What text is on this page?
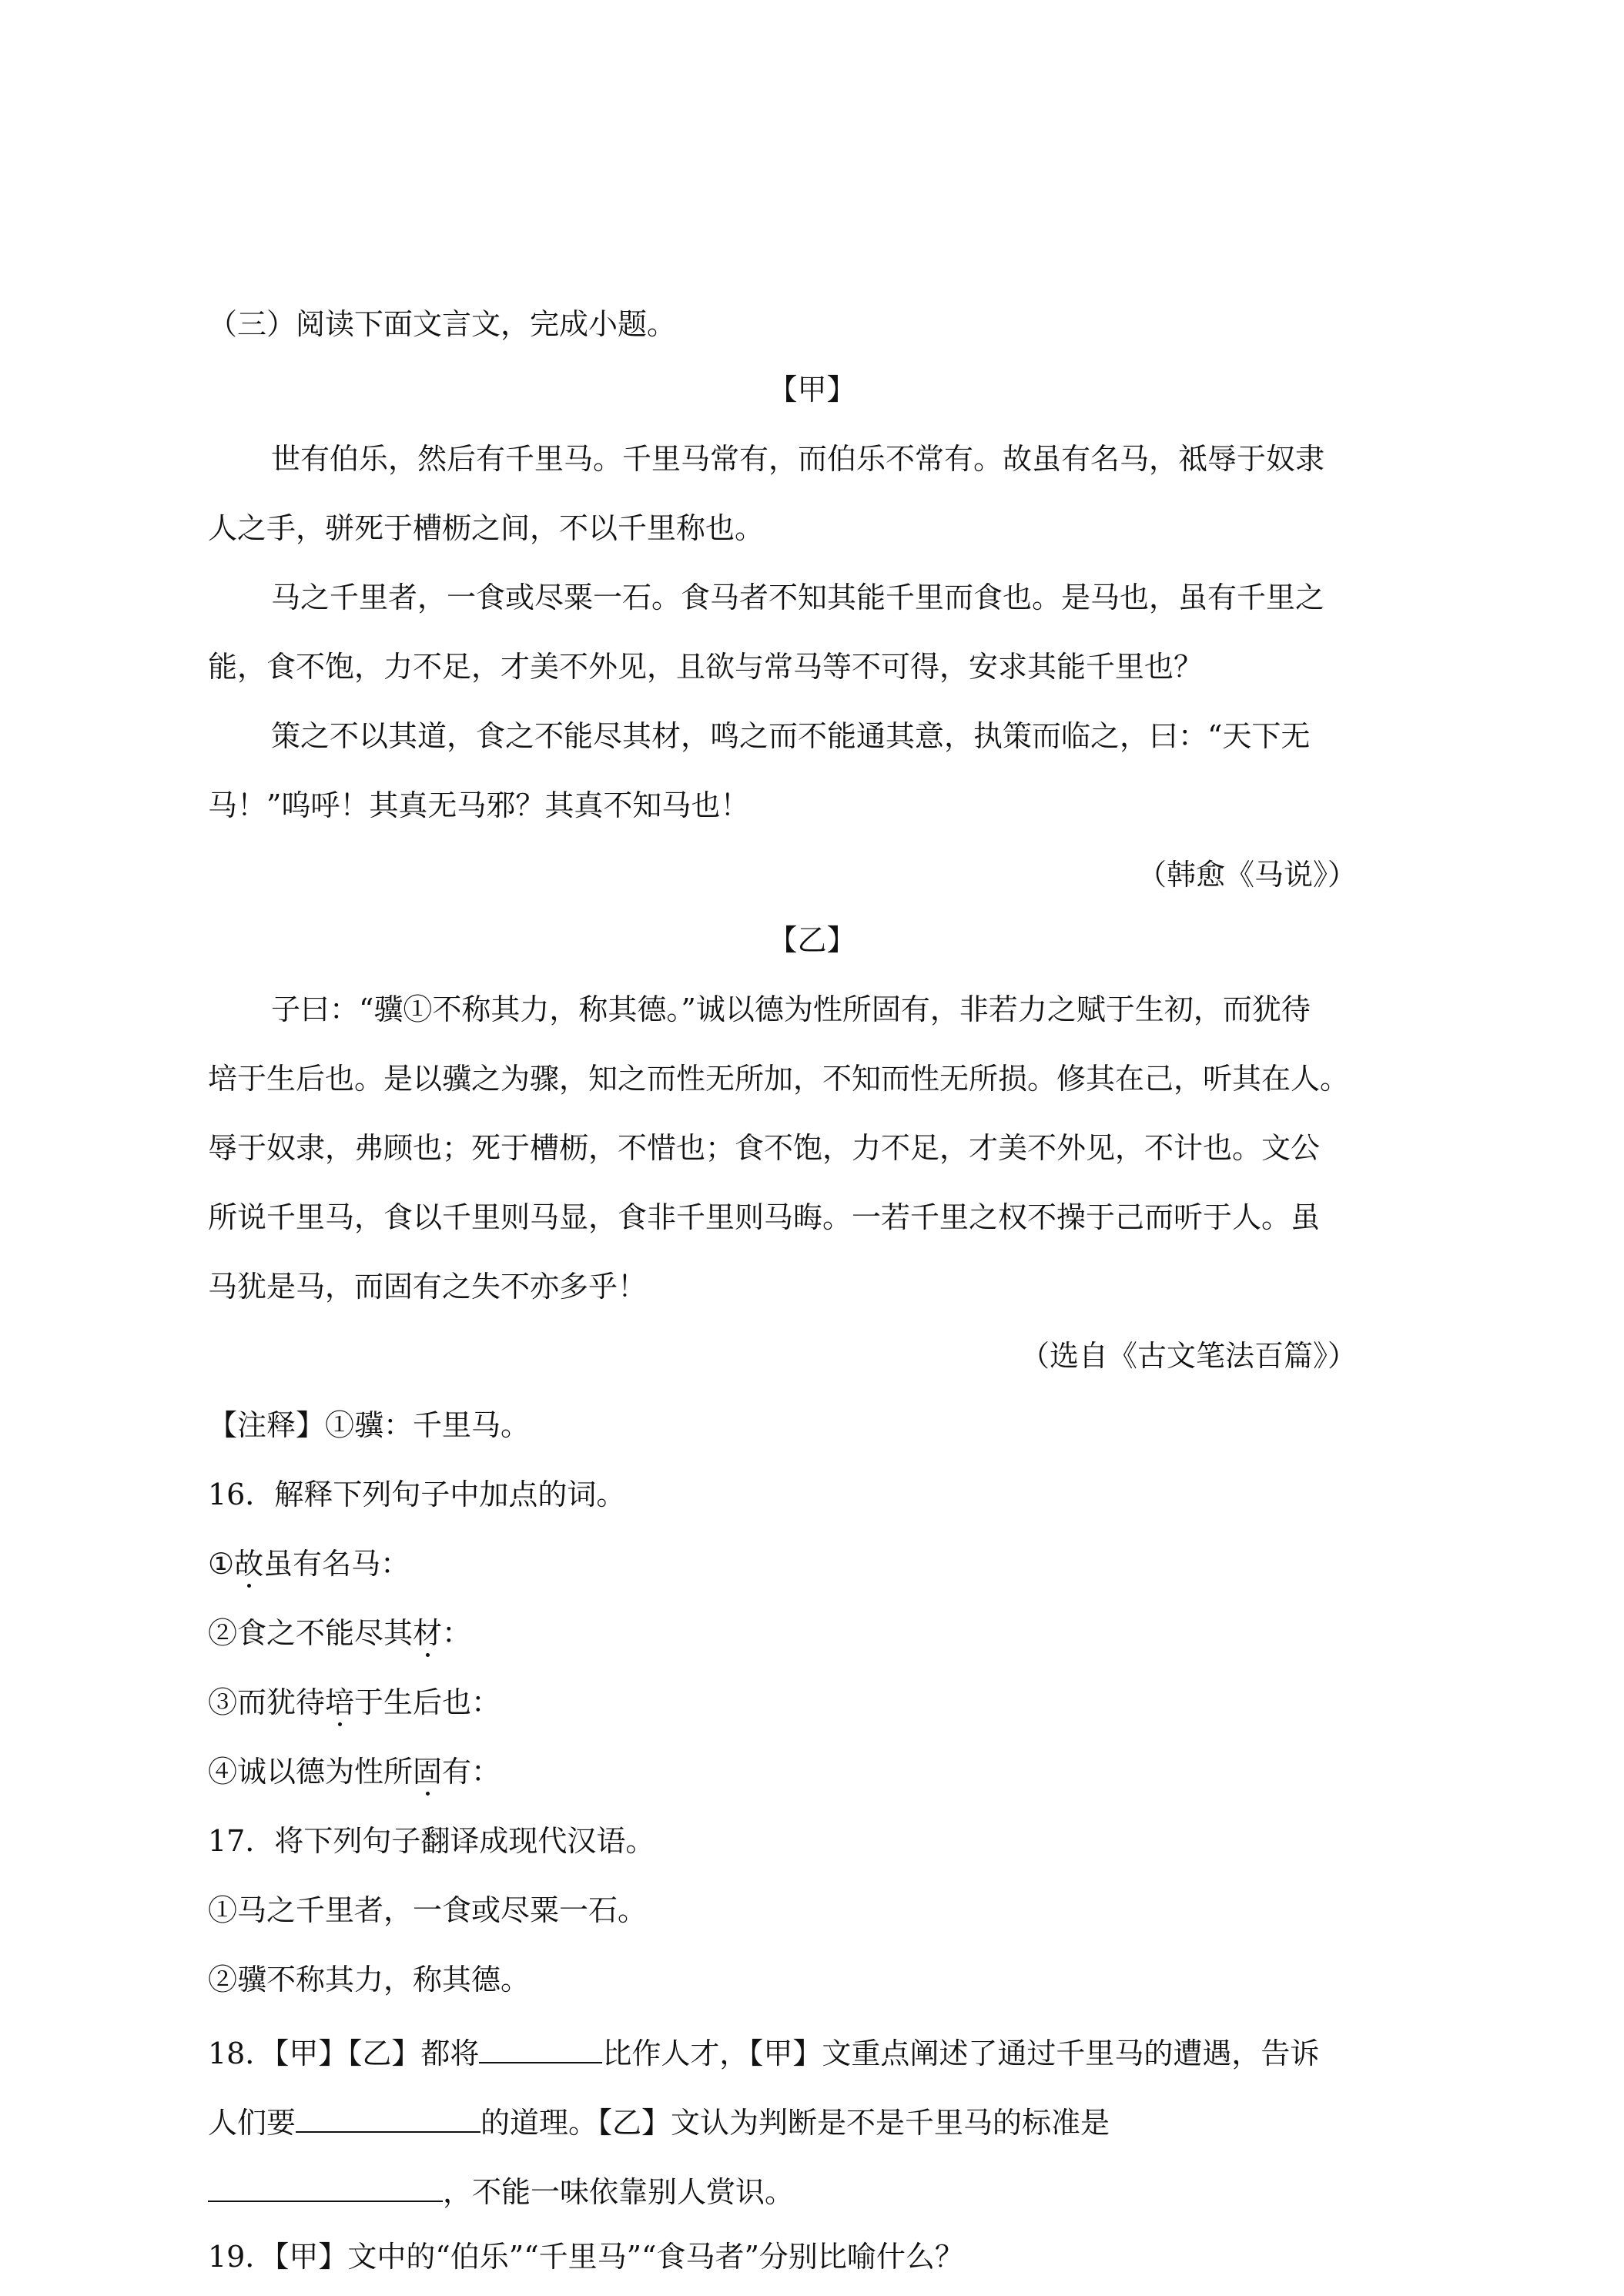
（三）阅读下面文言文，完成小题。
【甲】
世有伯乐，然后有千里马。千里马常有，而伯乐不常有。故虽有名马，祗辱于奴隶
人之手，骈死于槽枥之间，不以千里称也。
马之千里者，一食或尽粟一石。食马者不知其能千里而食也。是马也，虽有千里之
能，食不饱，力不足，才美不外见，且欲与常马等不可得，安求其能千里也？
策之不以其道，食之不能尽其材，鸣之而不能通其意，执策而临之，曰：“天下无
马！”呜呼！其真无马邪？其真不知马也！
（韩愈《马说》）
【乙】
子曰：“骥①不称其力，称其德。”诚以德为性所固有，非若力之赋于生初，而犹待
培于生后也。是以骥之为骤，知之而性无所加，不知而性无所损。修其在己，听其在人。
辱于奴隶，弗顾也；死于槽枥，不惜也；食不饱，力不足，才美不外见，不计也。文公
所说千里马，食以千里则马显，食非千里则马晦。一若千里之权不操于己而听于人。虽
马犹是马，而固有之失不亦多乎！
（选自《古文笔法百篇》）
【注释】①骥：千里马。
16．解释下列句子中加点的词。
①故虽有名马：
②食之不能尽其材：
③而犹待培于生后也：
④诚以德为性所固有：
17．将下列句子翻译成现代汉语。
①马之千里者，一食或尽粟一石。
②骥不称其力，称其德。
18．【甲】【乙】都将	比作人才，【甲】文重点阐述了通过千里马的遭遇，告诉
人们要	的道理。【乙】文认为判断是不是千里马的标准是
，不能一味依靠别人赏识。
19．【甲】文中的“伯乐”“千里马”“食马者”分别比喻什么？
